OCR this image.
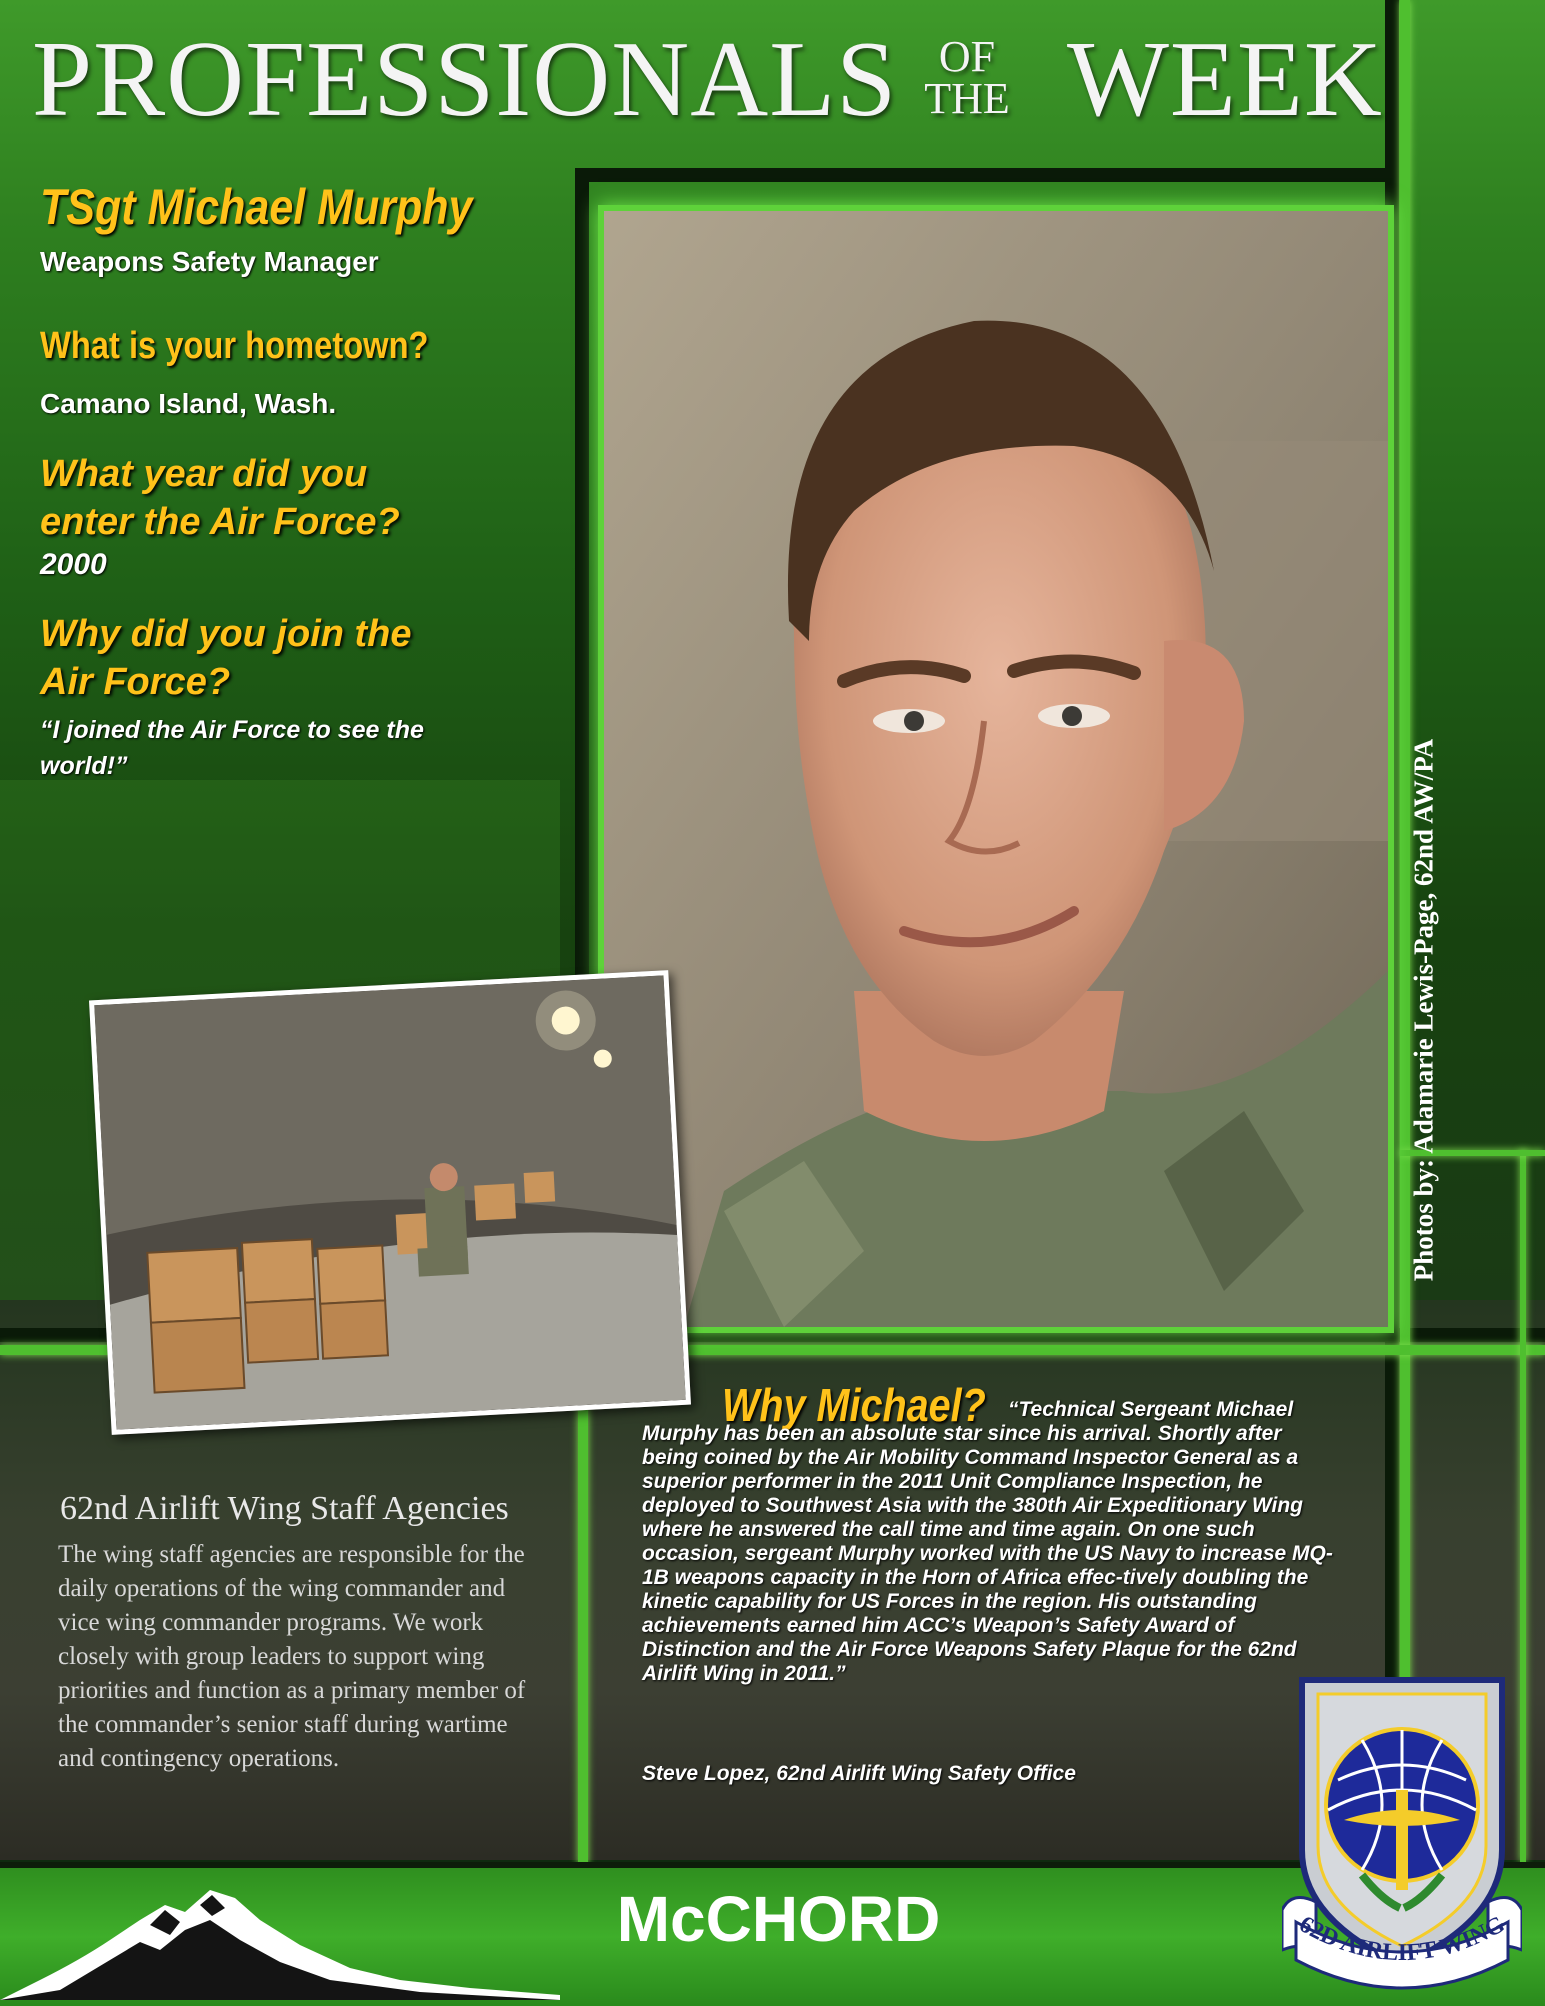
PROFESSIONALS OF
THE WEEK
TSgt Michael Murphy
Weapons Safety Manager
What is your hometown?
Camano Island, Wash.
What year did you
enter the Air Force?
2000
Why did you join the
Air Force?
“I joined the Air Force to see the world!”	Photos by: Adamarie Lewis-Page, 62nd AW/PA
Why Michael?	“Technical Sergeant Michael Murphy has been an absolute star since his arrival. Shortly after being coined by the Air Mobility Command Inspector General as a superior performer in the 2011 Unit Compliance Inspection, he deployed to Southwest Asia with the 380th Air Expeditionary Wing where he answered the call time and time again. On one such occasion, sergeant Murphy worked with the US Navy to increase MQ-1B weapons capacity in the Horn of Africa effec-tively doubling the kinetic capability for US Forces in the region. His outstanding achievements earned him ACC’s Weapon’s Safety Award of Distinction and the Air Force Weapons Safety Plaque for the 62nd Airlift Wing in 2011.”
Steve Lopez, 62nd Airlift Wing Safety Office
62nd Airlift Wing Staff Agencies
The wing staff agencies are responsible for the daily operations of the wing commander and vice wing commander programs. We work closely with group leaders to support wing priorities and function as a primary member of the commander’s senior staff during wartime and contingency operations.
McCHORD	62D AIRLIFT WING
